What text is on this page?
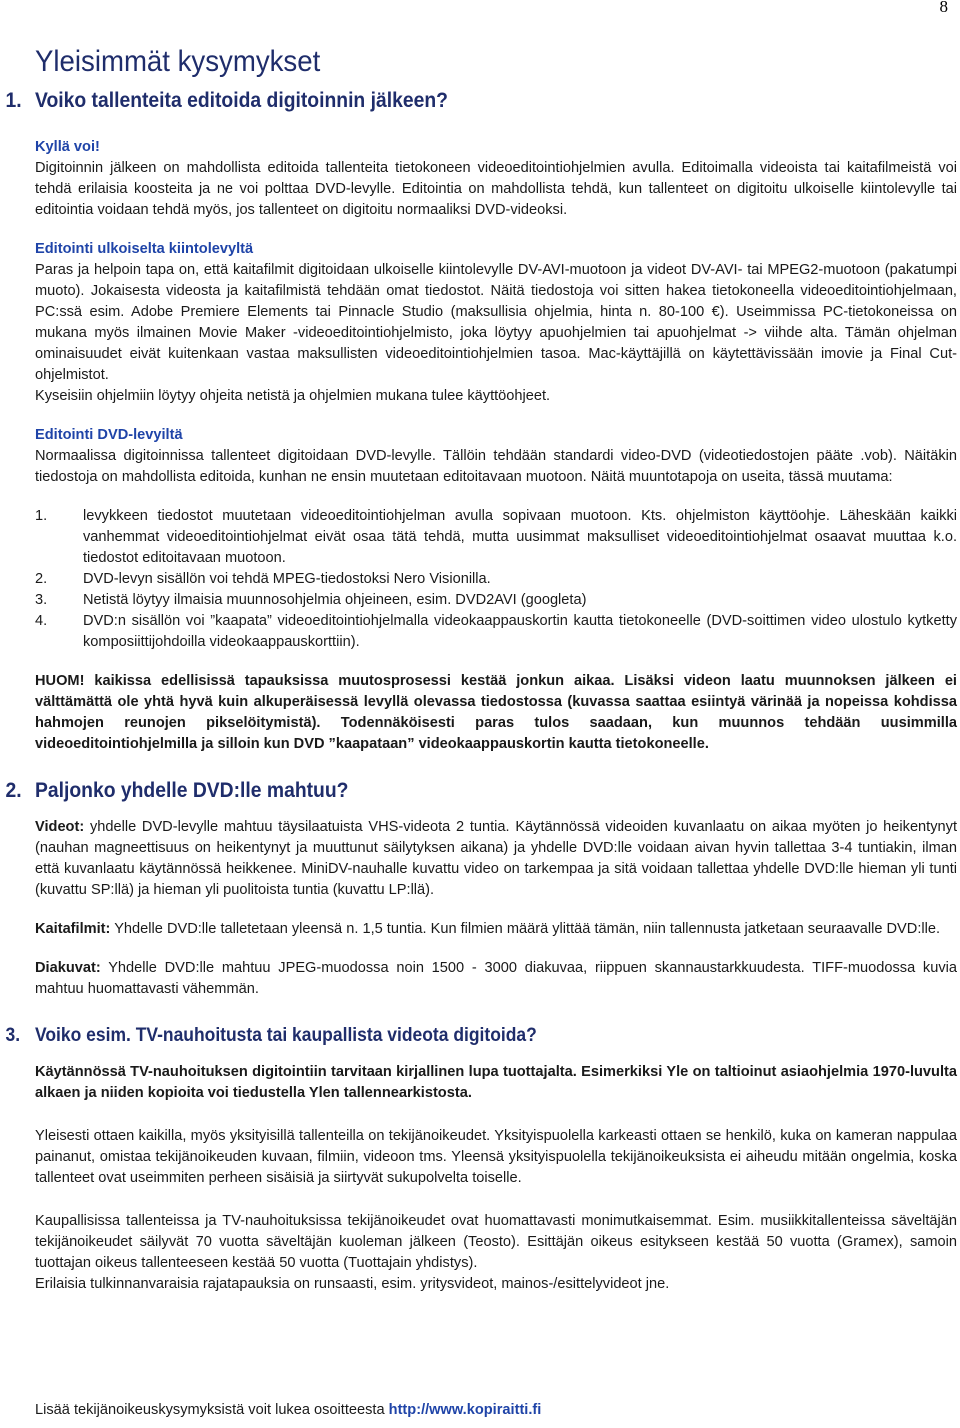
8
Yleisimmät kysymykset
1. Voiko tallenteita editoida digitoinnin jälkeen?

Kyllä voi!

Digitoinnin jälkeen on mahdollista editoida tallenteita tietokoneen videoeditointiohjelmien avulla. Editoimalla videoista tai kaitafilmeistä voi tehdä erilaisia koosteita ja ne voi polttaa DVD-levylle. Editointia on mahdollista tehdä, kun tallenteet on digitoitu ulkoiselle kiintolevylle tai editointia voidaan tehdä myös, jos tallenteet on digitoitu normaaliksi DVD-videoksi.

Editointi ulkoiselta kiintolevyltä

Paras ja helpoin tapa on, että kaitafilmit digitoidaan ulkoiselle kiintolevylle DV-AVI-muotoon ja videot DV-AVI- tai MPEG2-muotoon (pakatumpi muoto). Jokaisesta videosta ja kaitafilmistä tehdään omat tiedostot. Näitä tiedostoja voi sitten hakea tietokoneella videoeditointiohjelmaan, PC:ssä esim. Adobe Premiere Elements tai Pinnacle Studio (maksullisia ohjelmia, hinta n. 80-100 €). Useimmissa PC-tietokoneissa on mukana myös ilmainen Movie Maker -videoeditointiohjelmisto, joka löytyy apuohjelmien tai apuohjelmat -> viihde alta. Tämän ohjelman ominaisuudet eivät kuitenkaan vastaa maksullisten videoeditointiohjelmien tasoa. Mac-käyttäjillä on käytettävissään imovie ja Final Cut-ohjelmistot.

Kyseisiin ohjelmiin löytyy ohjeita netistä ja ohjelmien mukana tulee käyttöohjeet.

Editointi DVD-levyiltä

Normaalissa digitoinnissa tallenteet digitoidaan DVD-levylle. Tällöin tehdään standardi video-DVD (videotiedostojen pääte .vob). Näitäkin tiedostoja on mahdollista editoida, kunhan ne ensin muutetaan editoitavaan muotoon. Näitä muuntotapoja on useita, tässä muutama:

1. levykkeen tiedostot muutetaan videoeditointiohjelman avulla sopivaan muotoon. Kts. ohjelmiston käyttöohje. Läheskään kaikki vanhemmat videoeditointiohjelmat eivät osaa tätä tehdä, mutta uusimmat maksulliset videoeditointiohjelmat osaavat muuttaa k.o. tiedostot editoitavaan muotoon.
2. DVD-levyn sisällön voi tehdä MPEG-tiedostoksi Nero Visionilla.
3. Netistä löytyy ilmaisia muunnosohjelmia ohjeineen, esim. DVD2AVI (googleta)
4. DVD:n sisällön voi ”kaapata” videoeditointiohjelmalla videokaappauskortin kautta tietokoneelle (DVD-soittimen video ulostulo kytketty komposiittijohdoilla videokaappauskorttiin).

HUOM! kaikissa edellisissä tapauksissa muutosprosessi kestää jonkun aikaa. Lisäksi videon laatu muunnoksen jälkeen ei välttämättä ole yhtä hyvä kuin alkuperäisessä levyllä olevassa tiedostossa (kuvassa saattaa esiintyä värinää ja nopeissa kohdissa hahmojen reunojen pikselöitymistä). Todennäköisesti paras tulos saadaan, kun muunnos tehdään uusimmilla videoeditointiohjelmilla ja silloin kun DVD ”kaapataan” videokaappauskortin kautta tietokoneelle.

2. Paljonko yhdelle DVD:lle mahtuu?

Videot: yhdelle DVD-levylle mahtuu täysilaatuista VHS-videota 2 tuntia. Käytännössä videoiden kuvanlaatu on aikaa myöten jo heikentynyt (nauhan magneettisuus on heikentynyt ja muuttunut säilytyksen aikana) ja yhdelle DVD:lle voidaan aivan hyvin tallettaa 3-4 tuntiakin, ilman että kuvanlaatu käytännössä heikkenee. MiniDV-nauhalle kuvattu video on tarkempaa ja sitä voidaan tallettaa yhdelle DVD:lle hieman yli tunti (kuvattu SP:llä) ja hieman yli puolitoista tuntia (kuvattu LP:llä).

Kaitafilmit: Yhdelle DVD:lle talletetaan yleensä n. 1,5 tuntia. Kun filmien määrä ylittää tämän, niin tallennusta jatketaan seuraavalle DVD:lle.

Diakuvat: Yhdelle DVD:lle mahtuu JPEG-muodossa noin 1500 - 3000 diakuvaa, riippuen skannaustarkkuudesta. TIFF-muodossa kuvia mahtuu huomattavasti vähemmän.

3. Voiko esim. TV-nauhoitusta tai kaupallista videota digitoida?

Käytännössä TV-nauhoituksen digitointiin tarvitaan kirjallinen lupa tuottajalta. Esimerkiksi Yle on taltioinut asiaohjelmia 1970-luvulta alkaen ja niiden kopioita voi tiedustella Ylen tallennearkistosta.

Yleisesti ottaen kaikilla, myös yksityisillä tallenteilla on tekijänoikeudet. Yksityispuolella karkeasti ottaen se henkilö, kuka on kameran nappulaa painanut, omistaa tekijänoikeuden kuvaan, filmiin, videoon tms. Yleensä yksityispuolella tekijänoikeuksista ei aiheudu mitään ongelmia, koska tallenteet ovat useimmiten perheen sisäisiä ja siirtyvät sukupolvelta toiselle.

Kaupallisissa tallenteissa ja TV-nauhoituksissa tekijänoikeudet ovat huomattavasti monimutkaisemmat. Esim. musiikkitallenteissa säveltäjän tekijänoikeudet säilyvät 70 vuotta säveltäjän kuoleman jälkeen (Teosto). Esittäjän oikeus esitykseen kestää 50 vuotta (Gramex), samoin tuottajan oikeus tallenteeseen kestää 50 vuotta (Tuottajain yhdistys).

Erilaisia tulkinnanvaraisia rajatapauksia on runsaasti, esim. yritysvideot, mainos-/esittelyvideot jne.

Lisää tekijänoikeuskysymyksistä voit lukea osoitteesta http://www.kopiraitti.fi
